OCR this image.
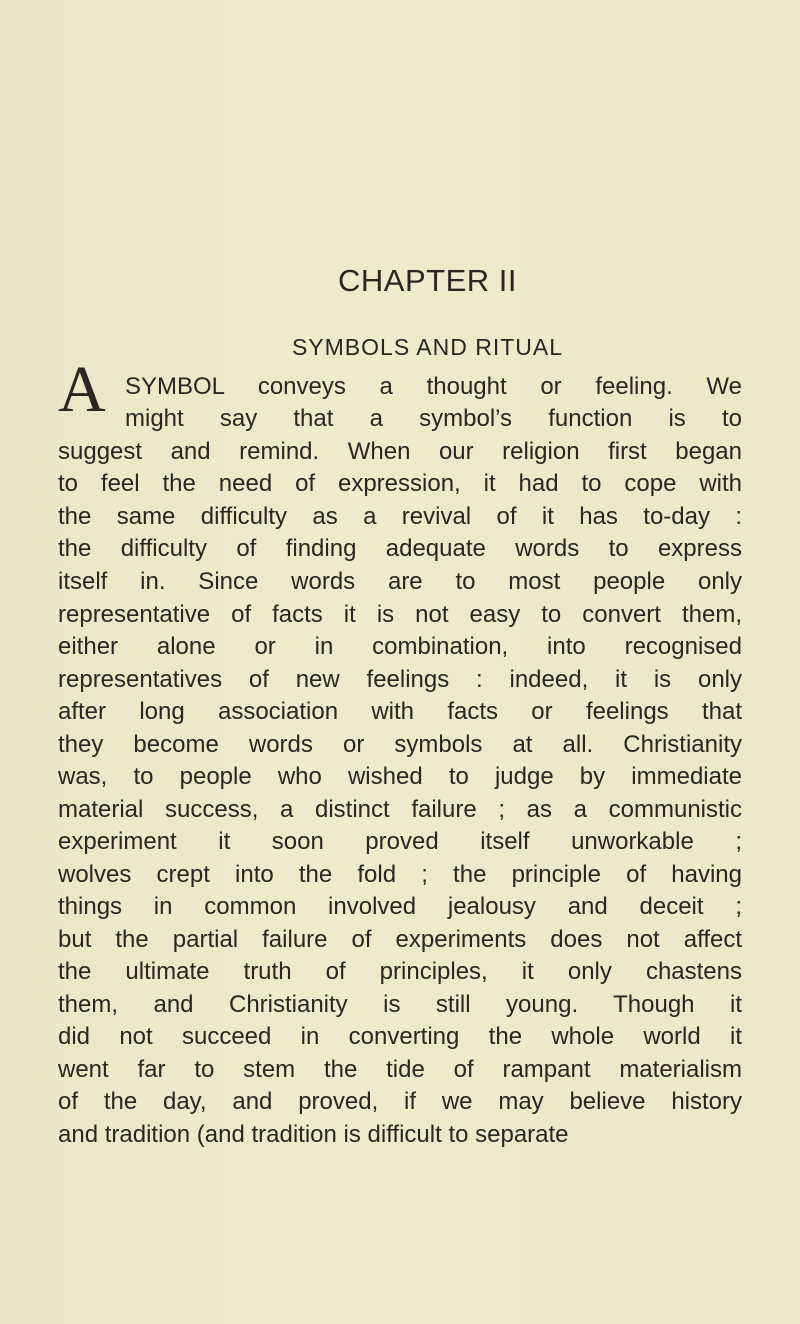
CHAPTER II
SYMBOLS AND RITUAL
A SYMBOL conveys a thought or feeling. We

might say that a symbol’s function is to

suggest and remind. When our religion first began

to feel the need of expression, it had to cope with

the same difficulty as a revival of it has to-day :

the difficulty of finding adequate words to express

itself in. Since words are to most people only

representative of facts it is not easy to convert them,

either alone or in combination, into recognised

representatives of new feelings : indeed, it is only

after long association with facts or feelings that

they become words or symbols at all. Christianity

was, to people who wished to judge by immediate

material success, a distinct failure ; as a communistic

experiment it soon proved itself unworkable ;

wolves crept into the fold ; the principle of having

things in common involved jealousy and deceit ;

but the partial failure of experiments does not affect

the ultimate truth of principles, it only chastens

them, and Christianity is still young. Though it

did not succeed in converting the whole world it

went far to stem the tide of rampant materialism

of the day, and proved, if we may believe history

and tradition (and tradition is difficult to separate
